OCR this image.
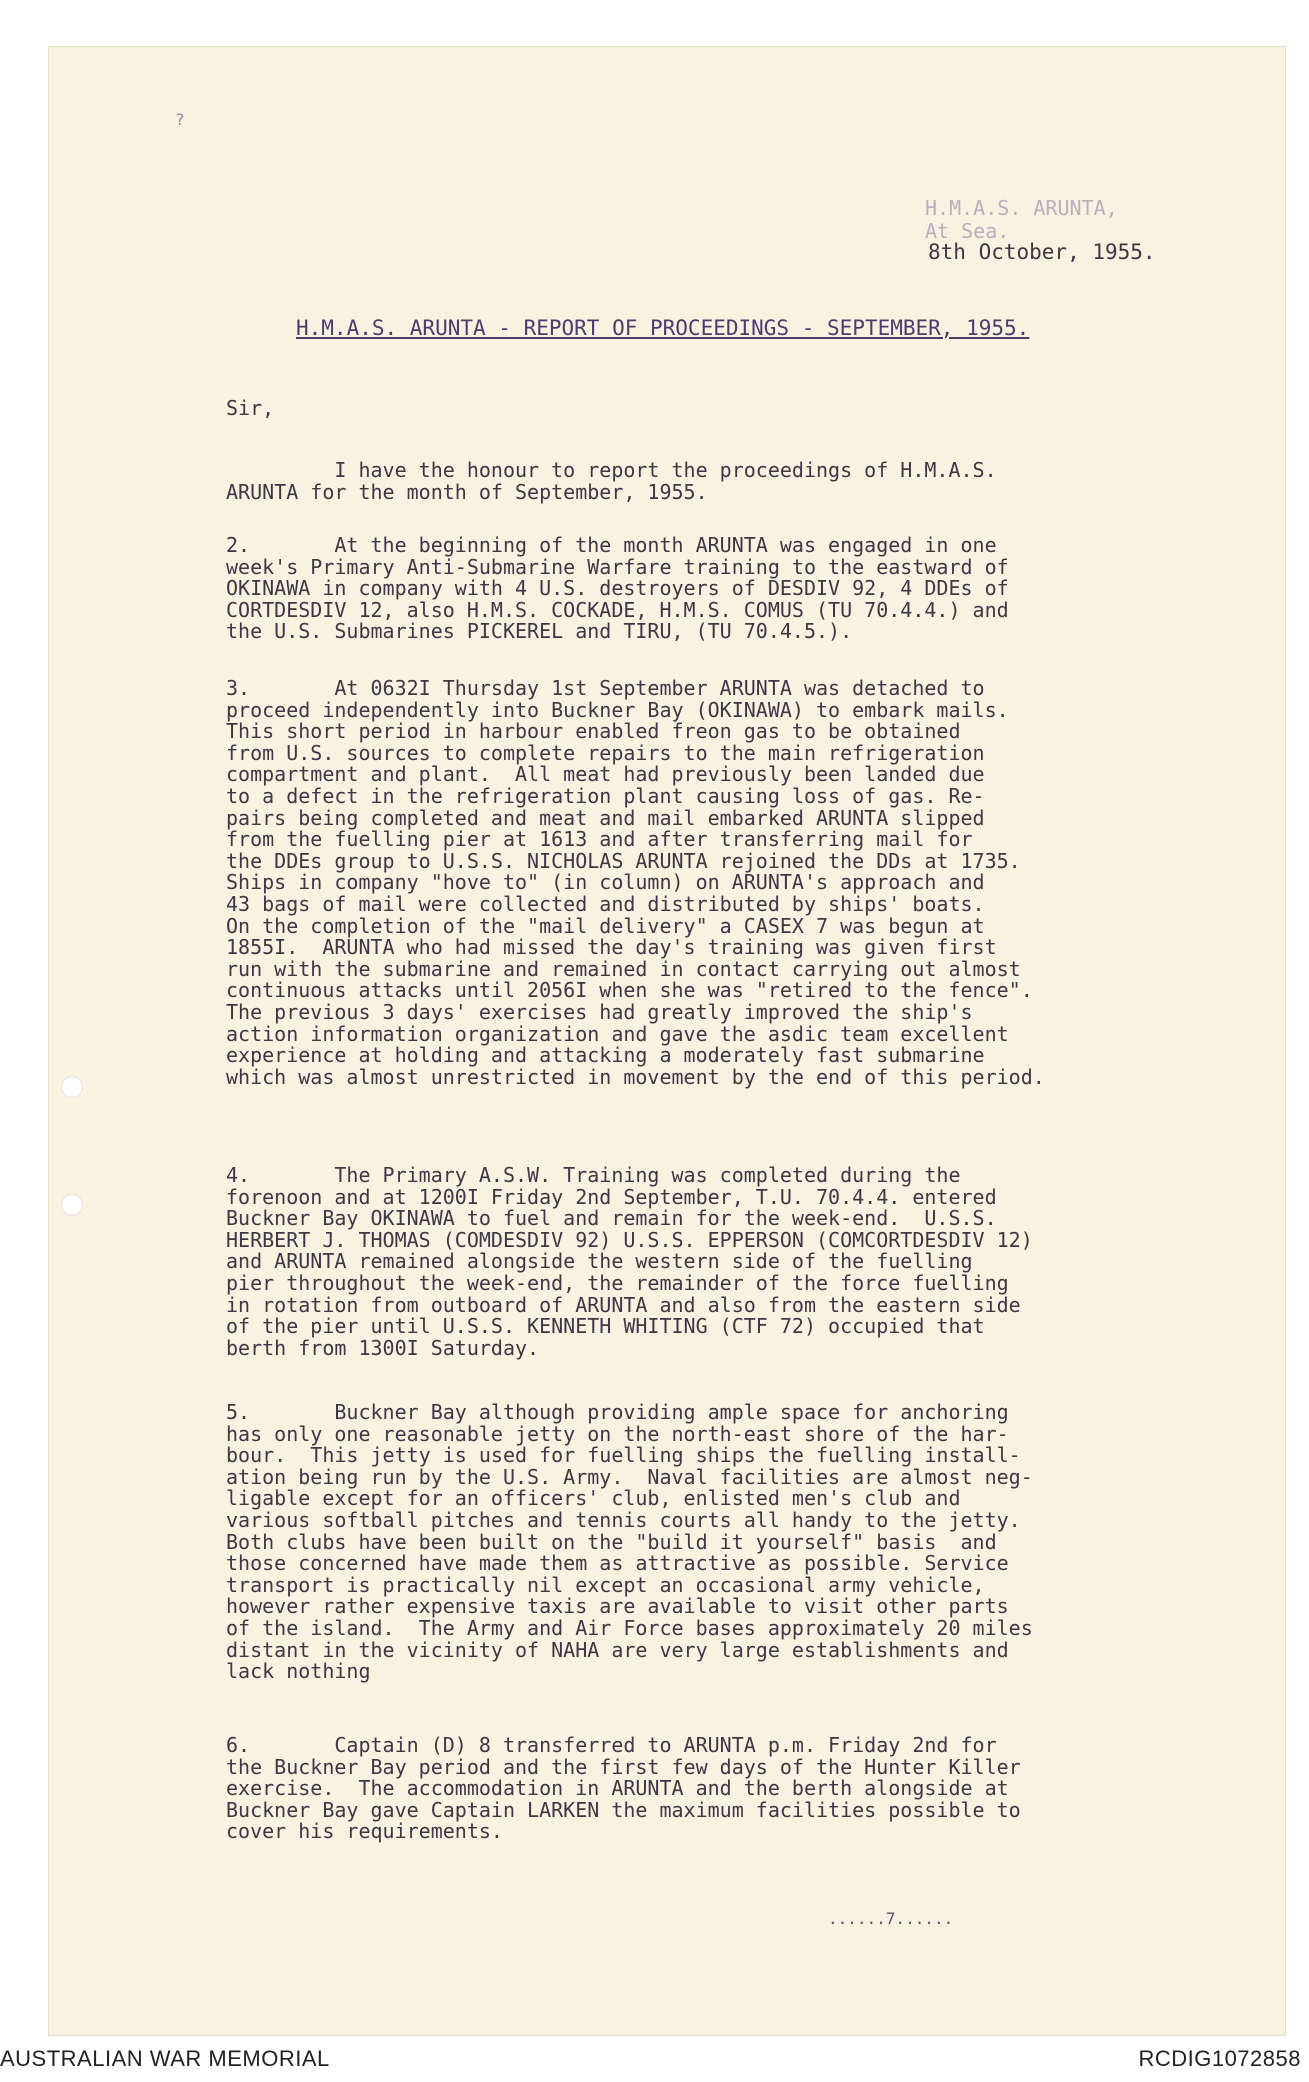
?
H.M.A.S. ARUNTA,
At Sea.
8th October, 1955.
H.M.A.S. ARUNTA - REPORT OF PROCEEDINGS - SEPTEMBER, 1955.
Sir,
I have the honour to report the proceedings of H.M.A.S.
ARUNTA for the month of September, 1955.
2.       At the beginning of the month ARUNTA was engaged in one
week's Primary Anti-Submarine Warfare training to the eastward of
OKINAWA in company with 4 U.S. destroyers of DESDIV 92, 4 DDEs of
CORTDESDIV 12, also H.M.S. COCKADE, H.M.S. COMUS (TU 70.4.4.) and
the U.S. Submarines PICKEREL and TIRU, (TU 70.4.5.).
3.       At 0632I Thursday 1st September ARUNTA was detached to
proceed independently into Buckner Bay (OKINAWA) to embark mails.
This short period in harbour enabled freon gas to be obtained
from U.S. sources to complete repairs to the main refrigeration
compartment and plant.  All meat had previously been landed due
to a defect in the refrigeration plant causing loss of gas. Re-
pairs being completed and meat and mail embarked ARUNTA slipped
from the fuelling pier at 1613 and after transferring mail for
the DDEs group to U.S.S. NICHOLAS ARUNTA rejoined the DDs at 1735.
Ships in company "hove to" (in column) on ARUNTA's approach and
43 bags of mail were collected and distributed by ships' boats.
On the completion of the "mail delivery" a CASEX 7 was begun at
1855I.  ARUNTA who had missed the day's training was given first
run with the submarine and remained in contact carrying out almost
continuous attacks until 2056I when she was "retired to the fence".
The previous 3 days' exercises had greatly improved the ship's
action information organization and gave the asdic team excellent
experience at holding and attacking a moderately fast submarine
which was almost unrestricted in movement by the end of this period.
4.       The Primary A.S.W. Training was completed during the
forenoon and at 1200I Friday 2nd September, T.U. 70.4.4. entered
Buckner Bay OKINAWA to fuel and remain for the week-end.  U.S.S.
HERBERT J. THOMAS (COMDESDIV 92) U.S.S. EPPERSON (COMCORTDESDIV 12)
and ARUNTA remained alongside the western side of the fuelling
pier throughout the week-end, the remainder of the force fuelling
in rotation from outboard of ARUNTA and also from the eastern side
of the pier until U.S.S. KENNETH WHITING (CTF 72) occupied that
berth from 1300I Saturday.
5.       Buckner Bay although providing ample space for anchoring
has only one reasonable jetty on the north-east shore of the har-
bour.  This jetty is used for fuelling ships the fuelling install-
ation being run by the U.S. Army.  Naval facilities are almost neg-
ligable except for an officers' club, enlisted men's club and
various softball pitches and tennis courts all handy to the jetty.
Both clubs have been built on the "build it yourself" basis  and
those concerned have made them as attractive as possible. Service
transport is practically nil except an occasional army vehicle,
however rather expensive taxis are available to visit other parts
of the island.  The Army and Air Force bases approximately 20 miles
distant in the vicinity of NAHA are very large establishments and
lack nothing
6.       Captain (D) 8 transferred to ARUNTA p.m. Friday 2nd for
the Buckner Bay period and the first few days of the Hunter Killer
exercise.  The accommodation in ARUNTA and the berth alongside at
Buckner Bay gave Captain LARKEN the maximum facilities possible to
cover his requirements.
......7......
AUSTRALIAN WAR MEMORIAL	RCDIG1072858
